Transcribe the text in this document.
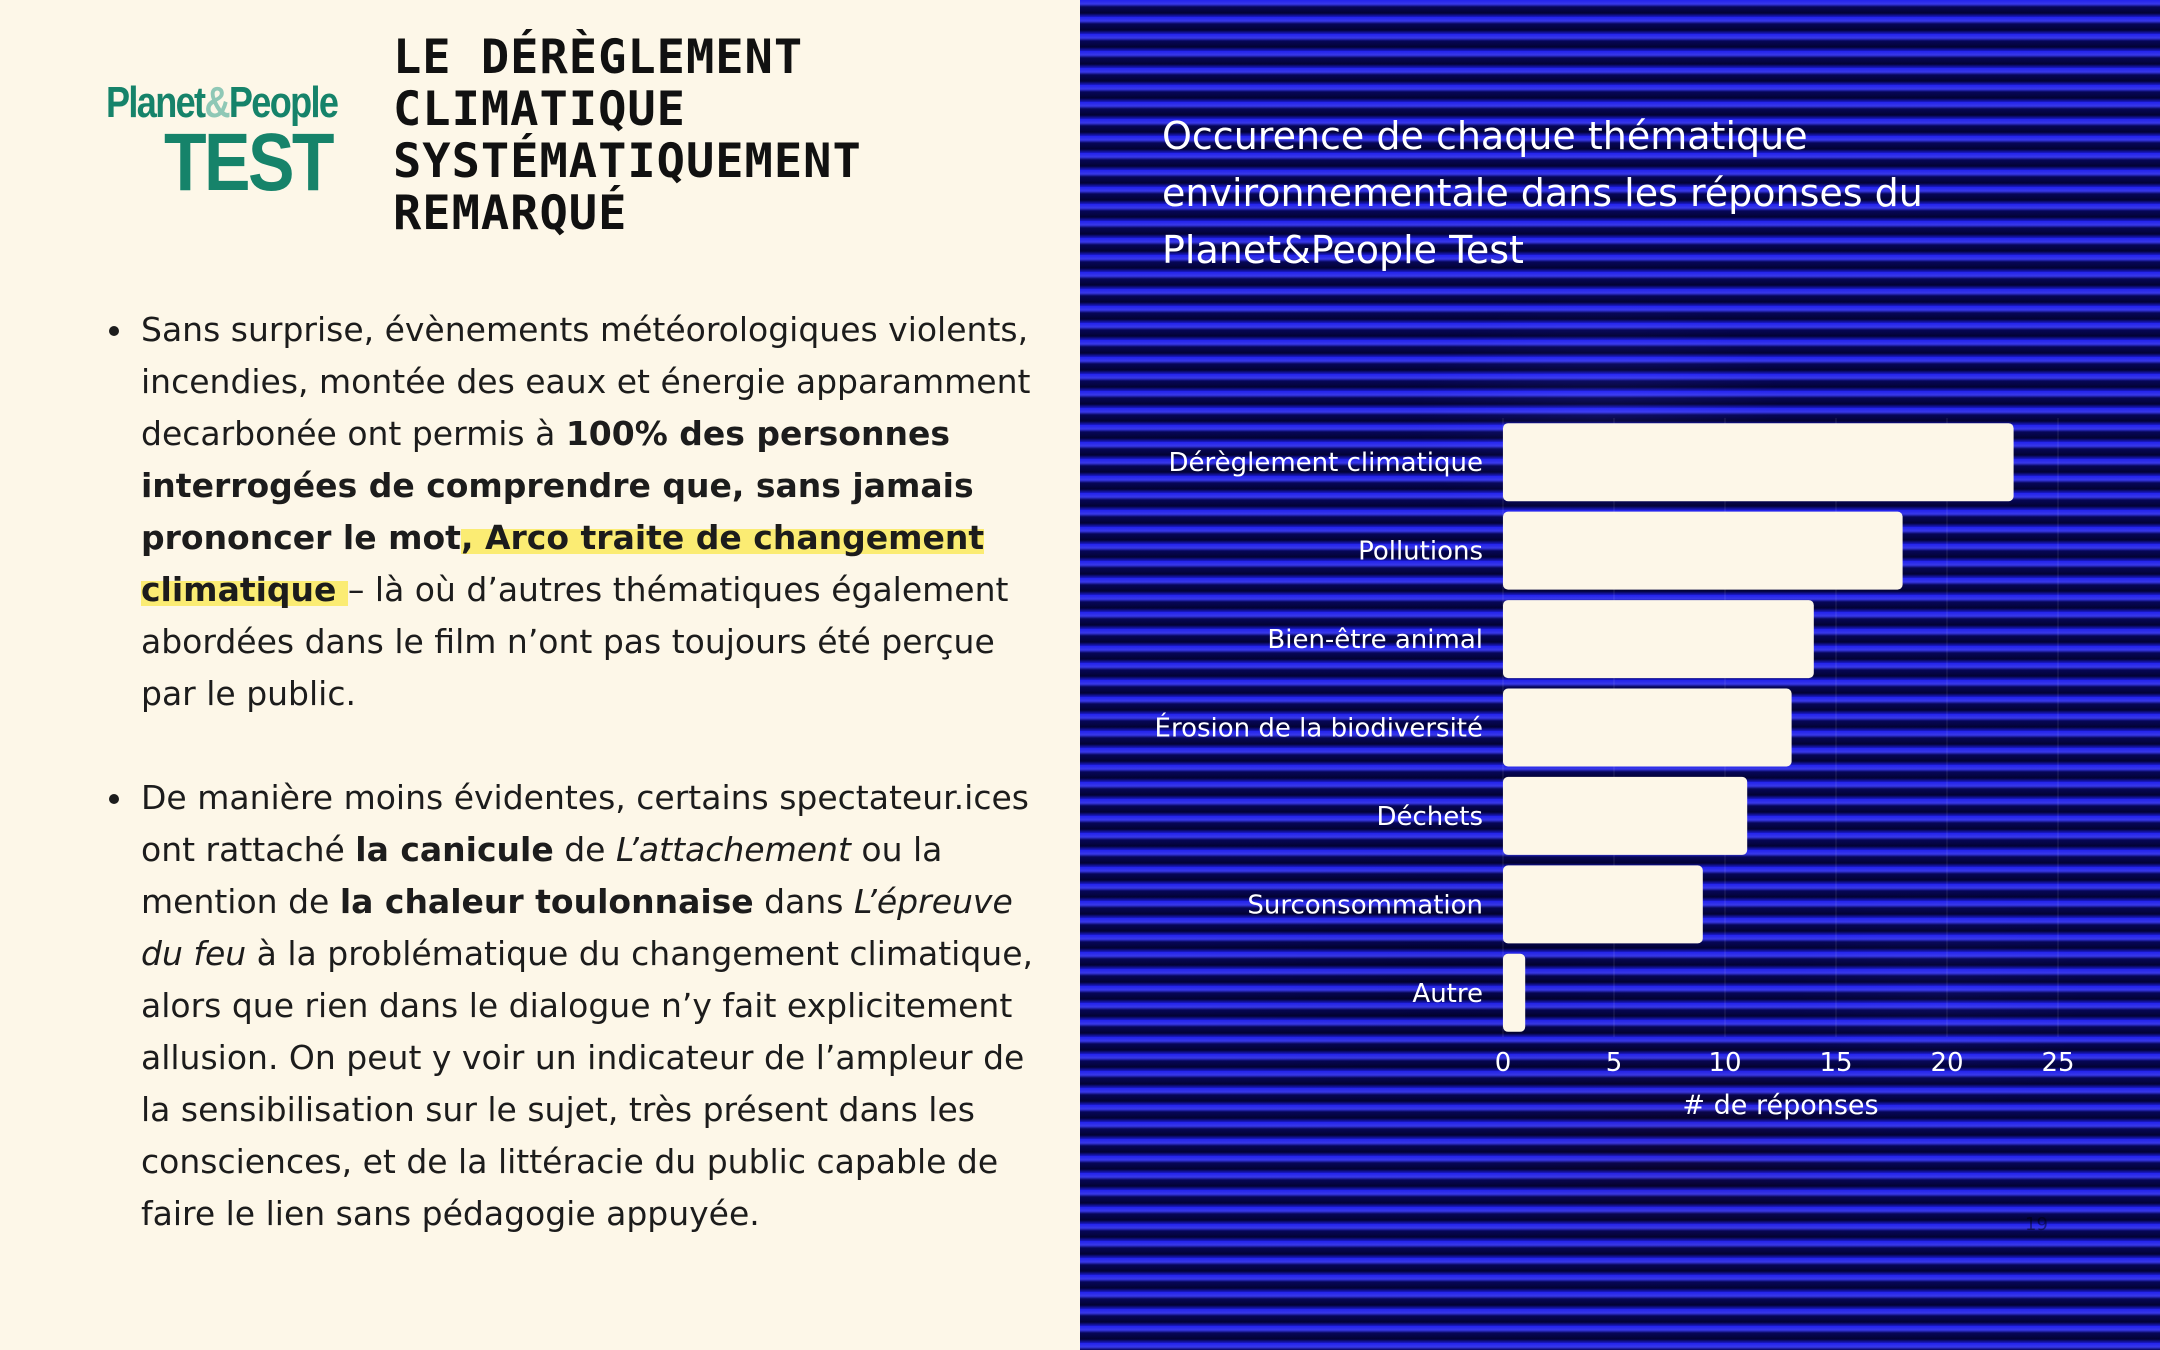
Planet&People
TEST
LE DÉRÈGLEMENT
CLIMATIQUE
SYSTÉMATIQUEMENT
REMARQUÉ
Sans surprise, évènements météorologiques violents, incendies, montée des eaux et énergie apparamment decarbonée ont permis à 100% des personnes interrogées de comprendre que, sans jamais prononcer le mot, Arco traite de changement climatique – là où d’autres thématiques également abordées dans le film n’ont pas toujours été perçue par le public.
De manière moins évidentes, certains spectateur.ices ont rattaché la canicule de L’attachement ou la mention de la chaleur toulonnaise dans L’épreuve du feu à la problématique du changement climatique, alors que rien dans le dialogue n’y fait explicitement allusion. On peut y voir un indicateur de l’ampleur de la sensibilisation sur le sujet, très présent dans les consciences, et de la littéracie du public capable de faire le lien sans pédagogie appuyée.
Occurence de chaque thématique environnementale dans les réponses du Planet&People Test
Dérèglement climatique
Pollutions
Bien-être animal
Érosion de la biodiversité
Déchets
Surconsommation
Autre
0	5	10	15	20	25
# de réponses
19
